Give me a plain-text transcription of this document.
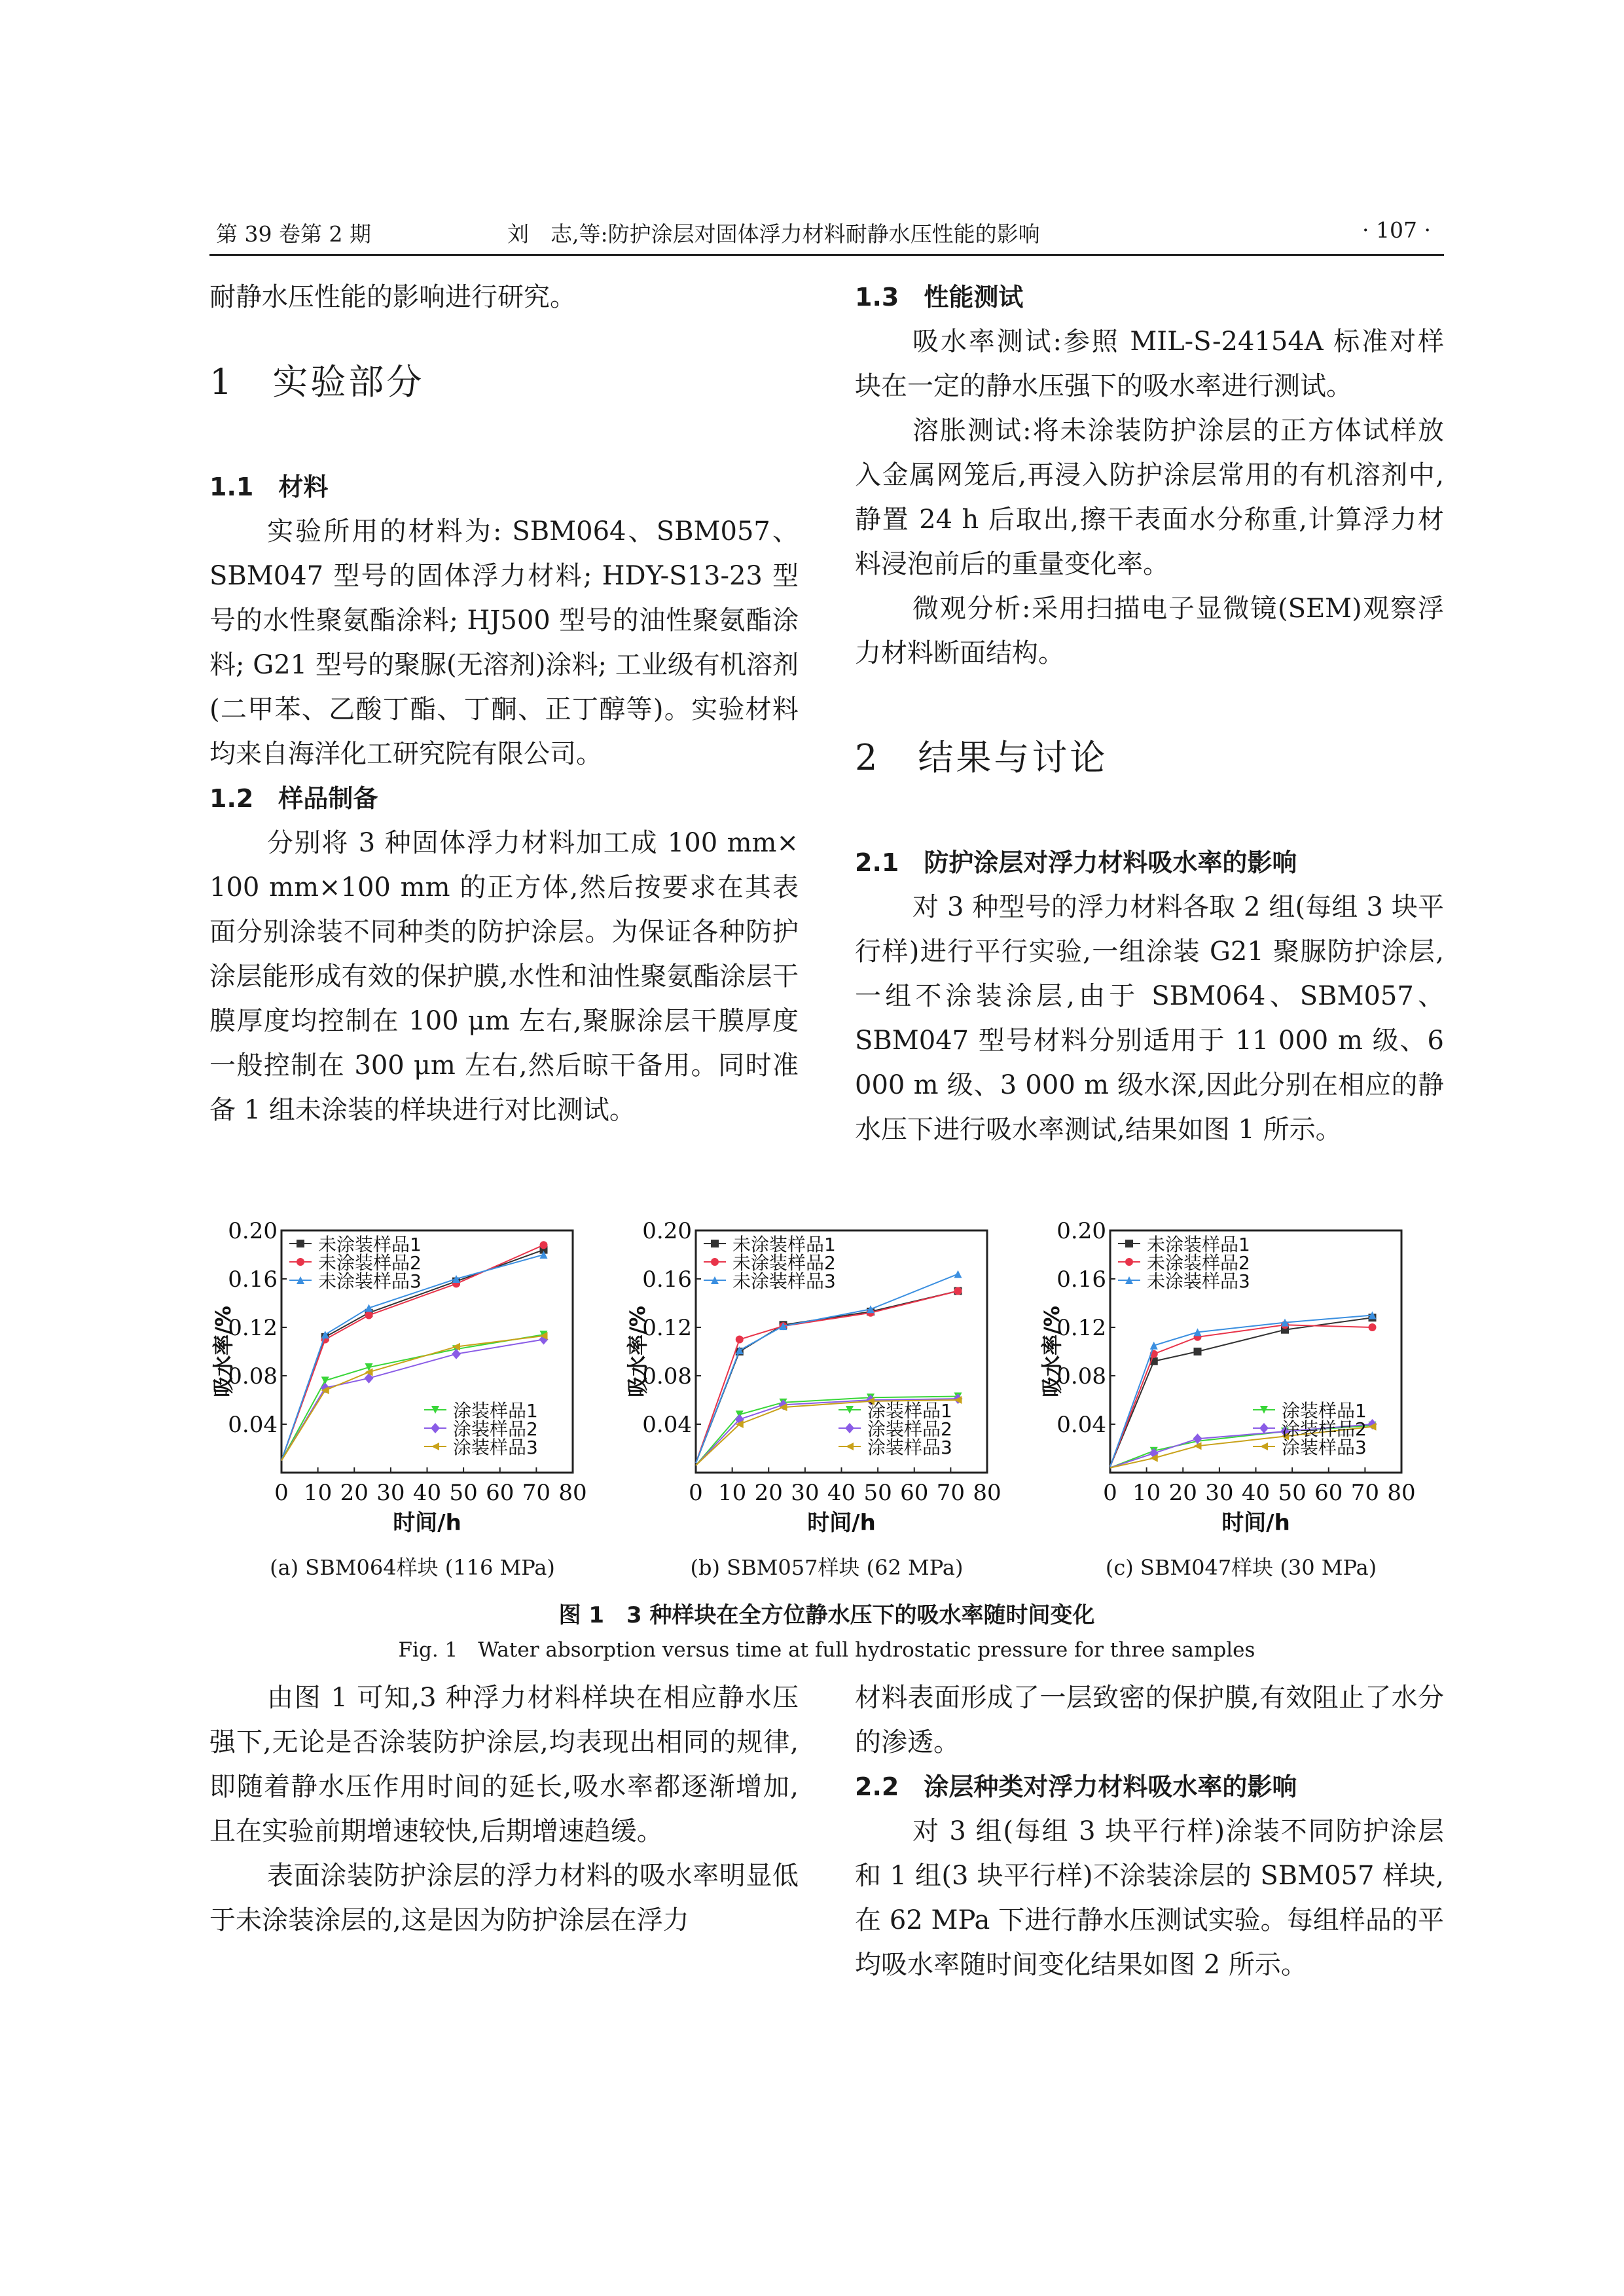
第 39 卷第 2 期	刘　志,等:防护涂层对固体浮力材料耐静水压性能的影响	· 107 ·

耐静水压性能的影响进行研究。

1　实验部分
1.1　材料

实验所用的材料为: SBM064、SBM057、SBM047 型号的固体浮力材料; HDY-S13-23 型号的水性聚氨酯涂料; HJ500 型号的油性聚氨酯涂料; G21 型号的聚脲(无溶剂)涂料; 工业级有机溶剂(二甲苯、乙酸丁酯、丁酮、正丁醇等)。实验材料均来自海洋化工研究院有限公司。

1.2　样品制备

分别将 3 种固体浮力材料加工成 100 mm× 100 mm×100 mm 的正方体,然后按要求在其表面分别涂装不同种类的防护涂层。为保证各种防护涂层能形成有效的保护膜,水性和油性聚氨酯涂层干膜厚度均控制在 100 μm 左右,聚脲涂层干膜厚度一般控制在 300 μm 左右,然后晾干备用。同时准备 1 组未涂装的样块进行对比测试。

1.3　性能测试

吸水率测试:参照 MIL-S-24154A 标准对样块在一定的静水压强下的吸水率进行测试。

溶胀测试:将未涂装防护涂层的正方体试样放入金属网笼后,再浸入防护涂层常用的有机溶剂中,静置 24 h 后取出,擦干表面水分称重,计算浮力材料浸泡前后的重量变化率。

微观分析:采用扫描电子显微镜(SEM)观察浮力材料断面结构。

2　结果与讨论
2.1　防护涂层对浮力材料吸水率的影响

对 3 种型号的浮力材料各取 2 组(每组 3 块平行样)进行平行实验,一组涂装 G21 聚脲防护涂层,一组不涂装涂层,由于 SBM064、SBM057、SBM047 型号材料分别适用于 11 000 m 级、6 000 m 级、3 000 m 级水深,因此分别在相应的静水压下进行吸水率测试,结果如图 1 所示。

0 10 20 30 40 50 60 70 80
0.04
0.08
0.12
0.16
0.20
时间/h
吸水率/%
未涂装样品1
未涂装样品2
未涂装样品3
涂装样品1
涂装样品2
涂装样品3
(a) SBM064样块 (116 MPa)
0 10 20 30 40 50 60 70 80
0.04
0.08
0.12
0.16
0.20
时间/h
吸水率/%
未涂装样品1
未涂装样品2
未涂装样品3
涂装样品1
涂装样品2
涂装样品3
(b) SBM057样块 (62 MPa)
0 10 20 30 40 50 60 70 80
0.04
0.08
0.12
0.16
0.20
时间/h
吸水率/%
未涂装样品1
未涂装样品2
未涂装样品3
涂装样品1
涂装样品2
涂装样品3
(c) SBM047样块 (30 MPa)
图 1　3 种样块在全方位静水压下的吸水率随时间变化
Fig. 1　Water absorption versus time at full hydrostatic pressure for three samples

由图 1 可知,3 种浮力材料样块在相应静水压强下,无论是否涂装防护涂层,均表现出相同的规律,即随着静水压作用时间的延长,吸水率都逐渐增加,且在实验前期增速较快,后期增速趋缓。

表面涂装防护涂层的浮力材料的吸水率明显低于未涂装涂层的,这是因为防护涂层在浮力

材料表面形成了一层致密的保护膜,有效阻止了水分的渗透。

2.2　涂层种类对浮力材料吸水率的影响

对 3 组(每组 3 块平行样)涂装不同防护涂层和 1 组(3 块平行样)不涂装涂层的 SBM057 样块,在 62 MPa 下进行静水压测试实验。每组样品的平均吸水率随时间变化结果如图 2 所示。
